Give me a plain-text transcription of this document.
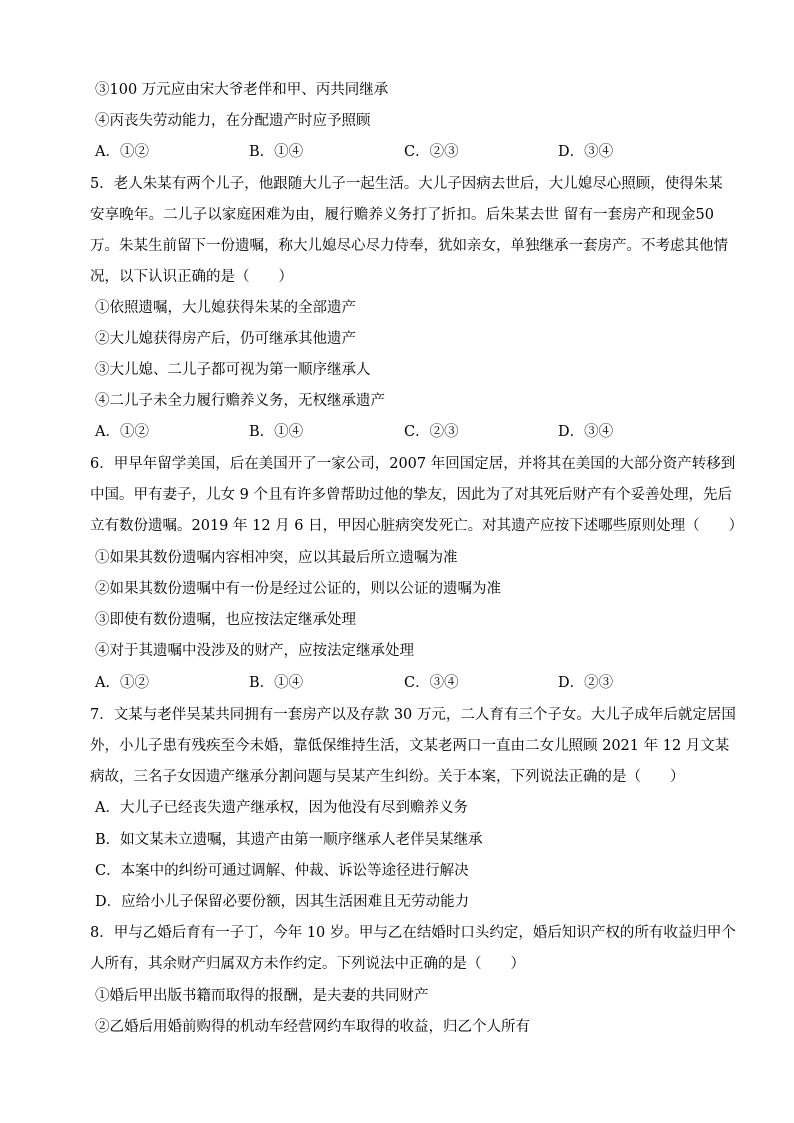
③100 万元应由宋大爷老伴和甲、丙共同继承
④丙丧失劳动能力，在分配遗产时应予照顾
A．①②	B．①④	C．②③	D．③④
5．老人朱某有两个儿子，他跟随大儿子一起生活。大儿子因病去世后，大儿媳尽心照顾，使得朱某
安享晚年。二儿子以家庭困难为由，履行赡养义务打了折扣。后朱某去世 留有一套房产和现金50
万。朱某生前留下一份遗嘱，称大儿媳尽心尽力侍奉，犹如亲女，单独继承一套房产。不考虑其他情
况，以下认识正确的是（　　）
①依照遗嘱，大儿媳获得朱某的全部遗产
②大儿媳获得房产后，仍可继承其他遗产
③大儿媳、二儿子都可视为第一顺序继承人
④二儿子未全力履行赡养义务，无权继承遗产
A．①②	B．①④	C．②③	D．③④
6．甲早年留学美国，后在美国开了一家公司，2007 年回国定居，并将其在美国的大部分资产转移到
中国。甲有妻子，儿女 9 个且有许多曾帮助过他的挚友，因此为了对其死后财产有个妥善处理，先后
立有数份遗嘱。2019 年 12 月 6 日，甲因心脏病突发死亡。对其遗产应按下述哪些原则处理（　　）
①如果其数份遗嘱内容相冲突，应以其最后所立遗嘱为准
②如果其数份遗嘱中有一份是经过公证的，则以公证的遗嘱为准
③即使有数份遗嘱，也应按法定继承处理
④对于其遗嘱中没涉及的财产，应按法定继承处理
A．①②	B．①④	C．③④	D．②③
7．文某与老伴吴某共同拥有一套房产以及存款 30 万元，二人育有三个子女。大儿子成年后就定居国
外，小儿子患有残疾至今未婚，靠低保维持生活，文某老两口一直由二女儿照顾 2021 年 12 月文某
病故，三名子女因遗产继承分割问题与吴某产生纠纷。关于本案，下列说法正确的是（　　）
A．大儿子已经丧失遗产继承权，因为他没有尽到赡养义务
B．如文某未立遗嘱，其遗产由第一顺序继承人老伴吴某继承
C．本案中的纠纷可通过调解、仲裁、诉讼等途径进行解决
D．应给小儿子保留必要份额，因其生活困难且无劳动能力
8．甲与乙婚后育有一子丁，今年 10 岁。甲与乙在结婚时口头约定，婚后知识产权的所有收益归甲个
人所有，其余财产归属双方未作约定。下列说法中正确的是（　　）
①婚后甲出版书籍而取得的报酬，是夫妻的共同财产
②乙婚后用婚前购得的机动车经营网约车取得的收益，归乙个人所有
